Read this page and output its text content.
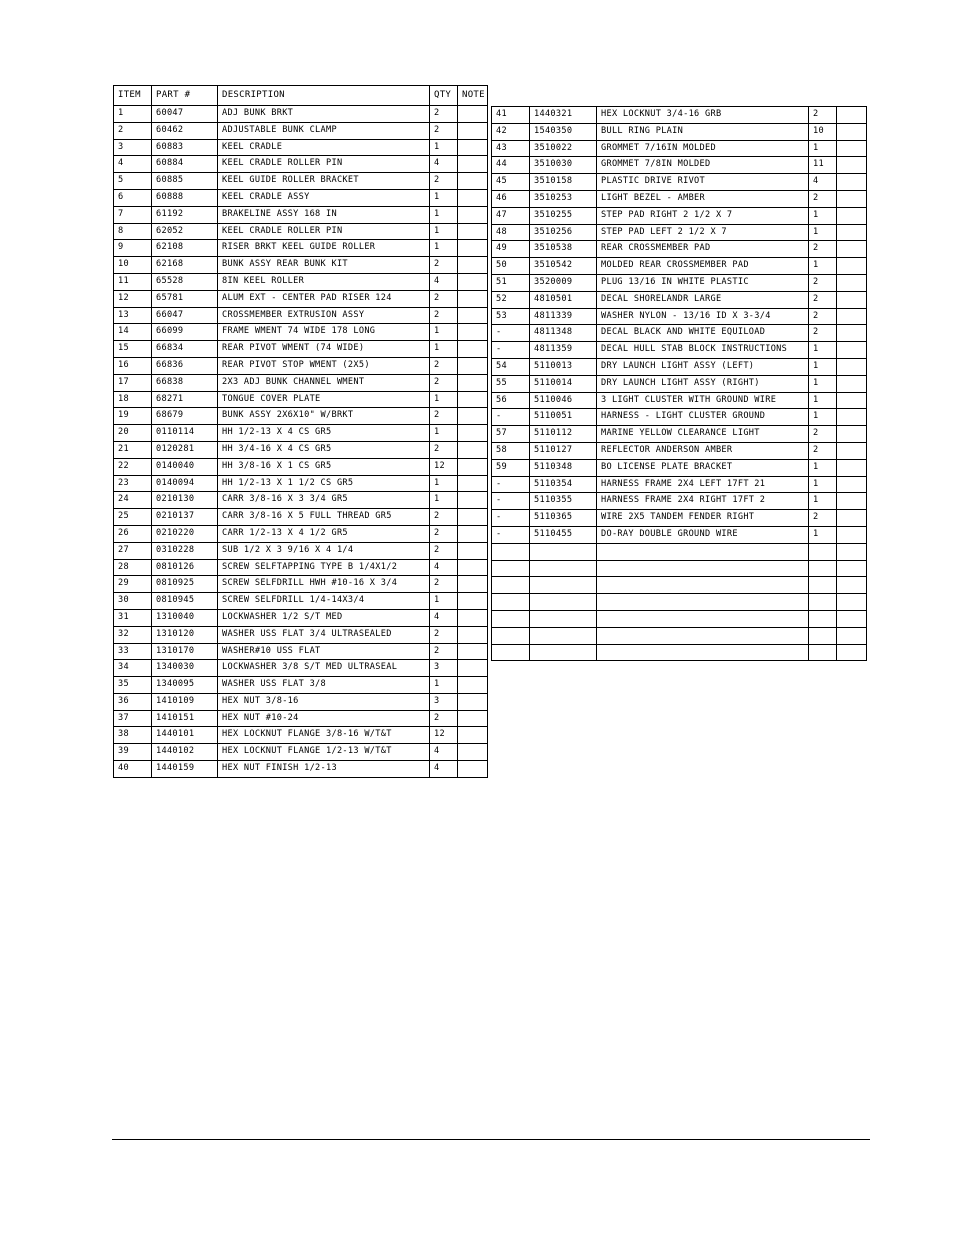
ITEM	PART #	DESCRIPTION	QTY	NOTE
1	60047	ADJ BUNK BRKT	2	
2	60462	ADJUSTABLE BUNK CLAMP	2	
3	60883	KEEL CRADLE	1	
4	60884	KEEL CRADLE ROLLER PIN	4	
5	60885	KEEL GUIDE ROLLER BRACKET	2	
6	60888	KEEL CRADLE ASSY	1	
7	61192	BRAKELINE ASSY 168 IN	1	
8	62052	KEEL CRADLE ROLLER PIN	1	
9	62108	RISER BRKT KEEL GUIDE ROLLER	1	
10	62168	BUNK ASSY REAR BUNK KIT	2	
11	65528	8IN KEEL ROLLER	4	
12	65781	ALUM EXT - CENTER PAD RISER 124	2	
13	66047	CROSSMEMBER EXTRUSION ASSY	2	
14	66099	FRAME WMENT 74 WIDE 178 LONG	1	
15	66834	REAR PIVOT WMENT (74 WIDE)	1	
16	66836	REAR PIVOT STOP WMENT (2X5)	2	
17	66838	2X3 ADJ BUNK CHANNEL WMENT	2	
18	68271	TONGUE COVER PLATE	1	
19	68679	BUNK ASSY 2X6X10" W/BRKT	2	
20	0110114	HH 1/2-13 X 4 CS GR5	1	
21	0120281	HH 3/4-16 X 4 CS GR5	2	
22	0140040	HH 3/8-16 X 1 CS GR5	12	
23	0140094	HH 1/2-13 X 1 1/2 CS GR5	1	
24	0210130	CARR 3/8-16 X 3 3/4 GR5	1	
25	0210137	CARR 3/8-16 X 5 FULL THREAD GR5	2	
26	0210220	CARR 1/2-13 X 4 1/2 GR5	2	
27	0310228	SUB 1/2 X 3 9/16 X 4 1/4	2	
28	0810126	SCREW SELFTAPPING TYPE B 1/4X1/2	4	
29	0810925	SCREW SELFDRILL HWH #10-16 X 3/4	2	
30	0810945	SCREW SELFDRILL 1/4-14X3/4	1	
31	1310040	LOCKWASHER 1/2 S/T MED	4	
32	1310120	WASHER USS FLAT 3/4 ULTRASEALED	2	
33	1310170	WASHER#10 USS FLAT	2	
34	1340030	LOCKWASHER 3/8 S/T MED ULTRASEAL	3	
35	1340095	WASHER USS FLAT 3/8	1	
36	1410109	HEX NUT 3/8-16	3	
37	1410151	HEX NUT #10-24	2	
38	1440101	HEX LOCKNUT FLANGE 3/8-16 W/T&T	12	
39	1440102	HEX LOCKNUT FLANGE 1/2-13 W/T&T	4	
40	1440159	HEX NUT FINISH 1/2-13	4	
41	1440321	HEX LOCKNUT 3/4-16 GRB	2	
42	1540350	BULL RING PLAIN	10	
43	3510022	GROMMET 7/16IN MOLDED	1	
44	3510030	GROMMET 7/8IN MOLDED	11	
45	3510158	PLASTIC DRIVE RIVOT	4	
46	3510253	LIGHT BEZEL - AMBER	2	
47	3510255	STEP PAD RIGHT 2 1/2 X 7	1	
48	3510256	STEP PAD LEFT 2 1/2 X 7	1	
49	3510538	REAR CROSSMEMBER PAD	2	
50	3510542	MOLDED REAR CROSSMEMBER PAD	1	
51	3520009	PLUG 13/16 IN WHITE PLASTIC	2	
52	4810501	DECAL SHORELANDR LARGE	2	
53	4811339	WASHER NYLON - 13/16 ID X 3-3/4	2	
-	4811348	DECAL BLACK AND WHITE EQUILOAD	2	
-	4811359	DECAL HULL STAB BLOCK INSTRUCTIONS	1	
54	5110013	DRY LAUNCH LIGHT ASSY (LEFT)	1	
55	5110014	DRY LAUNCH LIGHT ASSY (RIGHT)	1	
56	5110046	3 LIGHT CLUSTER WITH GROUND WIRE	1	
-	5110051	HARNESS - LIGHT CLUSTER GROUND	1	
57	5110112	MARINE YELLOW CLEARANCE LIGHT	2	
58	5110127	REFLECTOR ANDERSON AMBER	2	
59	5110348	BO LICENSE PLATE BRACKET	1	
-	5110354	HARNESS FRAME 2X4 LEFT 17FT 21	1	
-	5110355	HARNESS FRAME 2X4 RIGHT 17FT 2	1	
-	5110365	WIRE 2X5 TANDEM FENDER RIGHT	2	
-	5110455	DO-RAY DOUBLE GROUND WIRE	1	
